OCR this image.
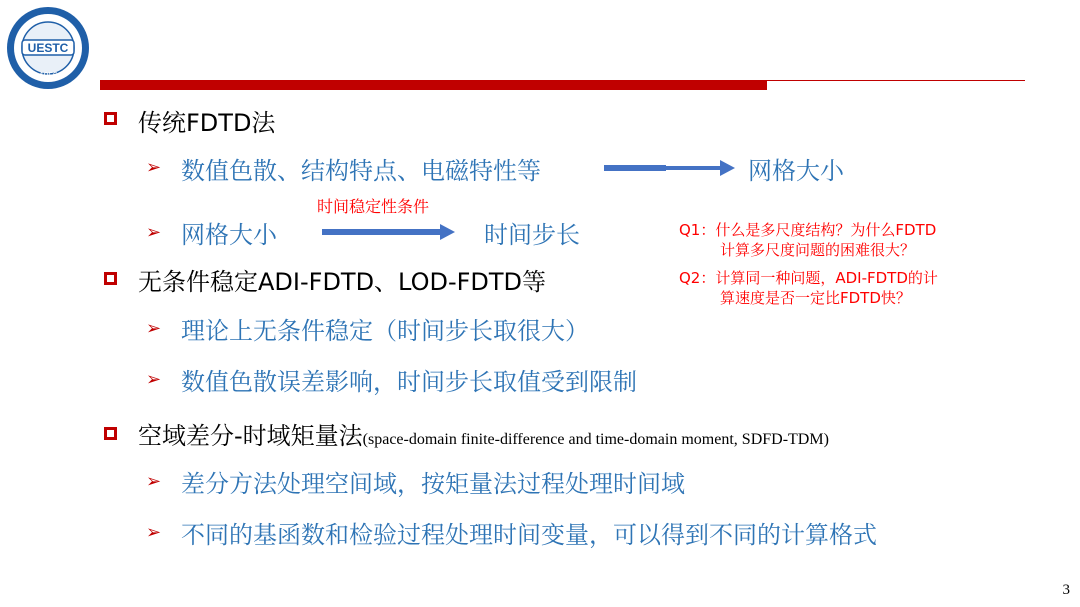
UESTC
1956
传统FDTD法
➢ 数值色散、结构特点、电磁特性等	网格大小
➢ 网格大小
时间稳定性条件
时间步长	Q1：什么是多尺度结构？为什么FDTD
计算多尺度问题的困难很大？
Q2：计算同一种问题，ADI-FDTD的计
算速度是否一定比FDTD快？
无条件稳定ADI-FDTD、LOD-FDTD等
➢ 理论上无条件稳定（时间步长取很大）
➢ 数值色散误差影响，时间步长取值受到限制
空域差分-时域矩量法(space-domain finite-difference and time-domain moment, SDFD-TDM)
➢ 差分方法处理空间域，按矩量法过程处理时间域
➢ 不同的基函数和检验过程处理时间变量，可以得到不同的计算格式
3
